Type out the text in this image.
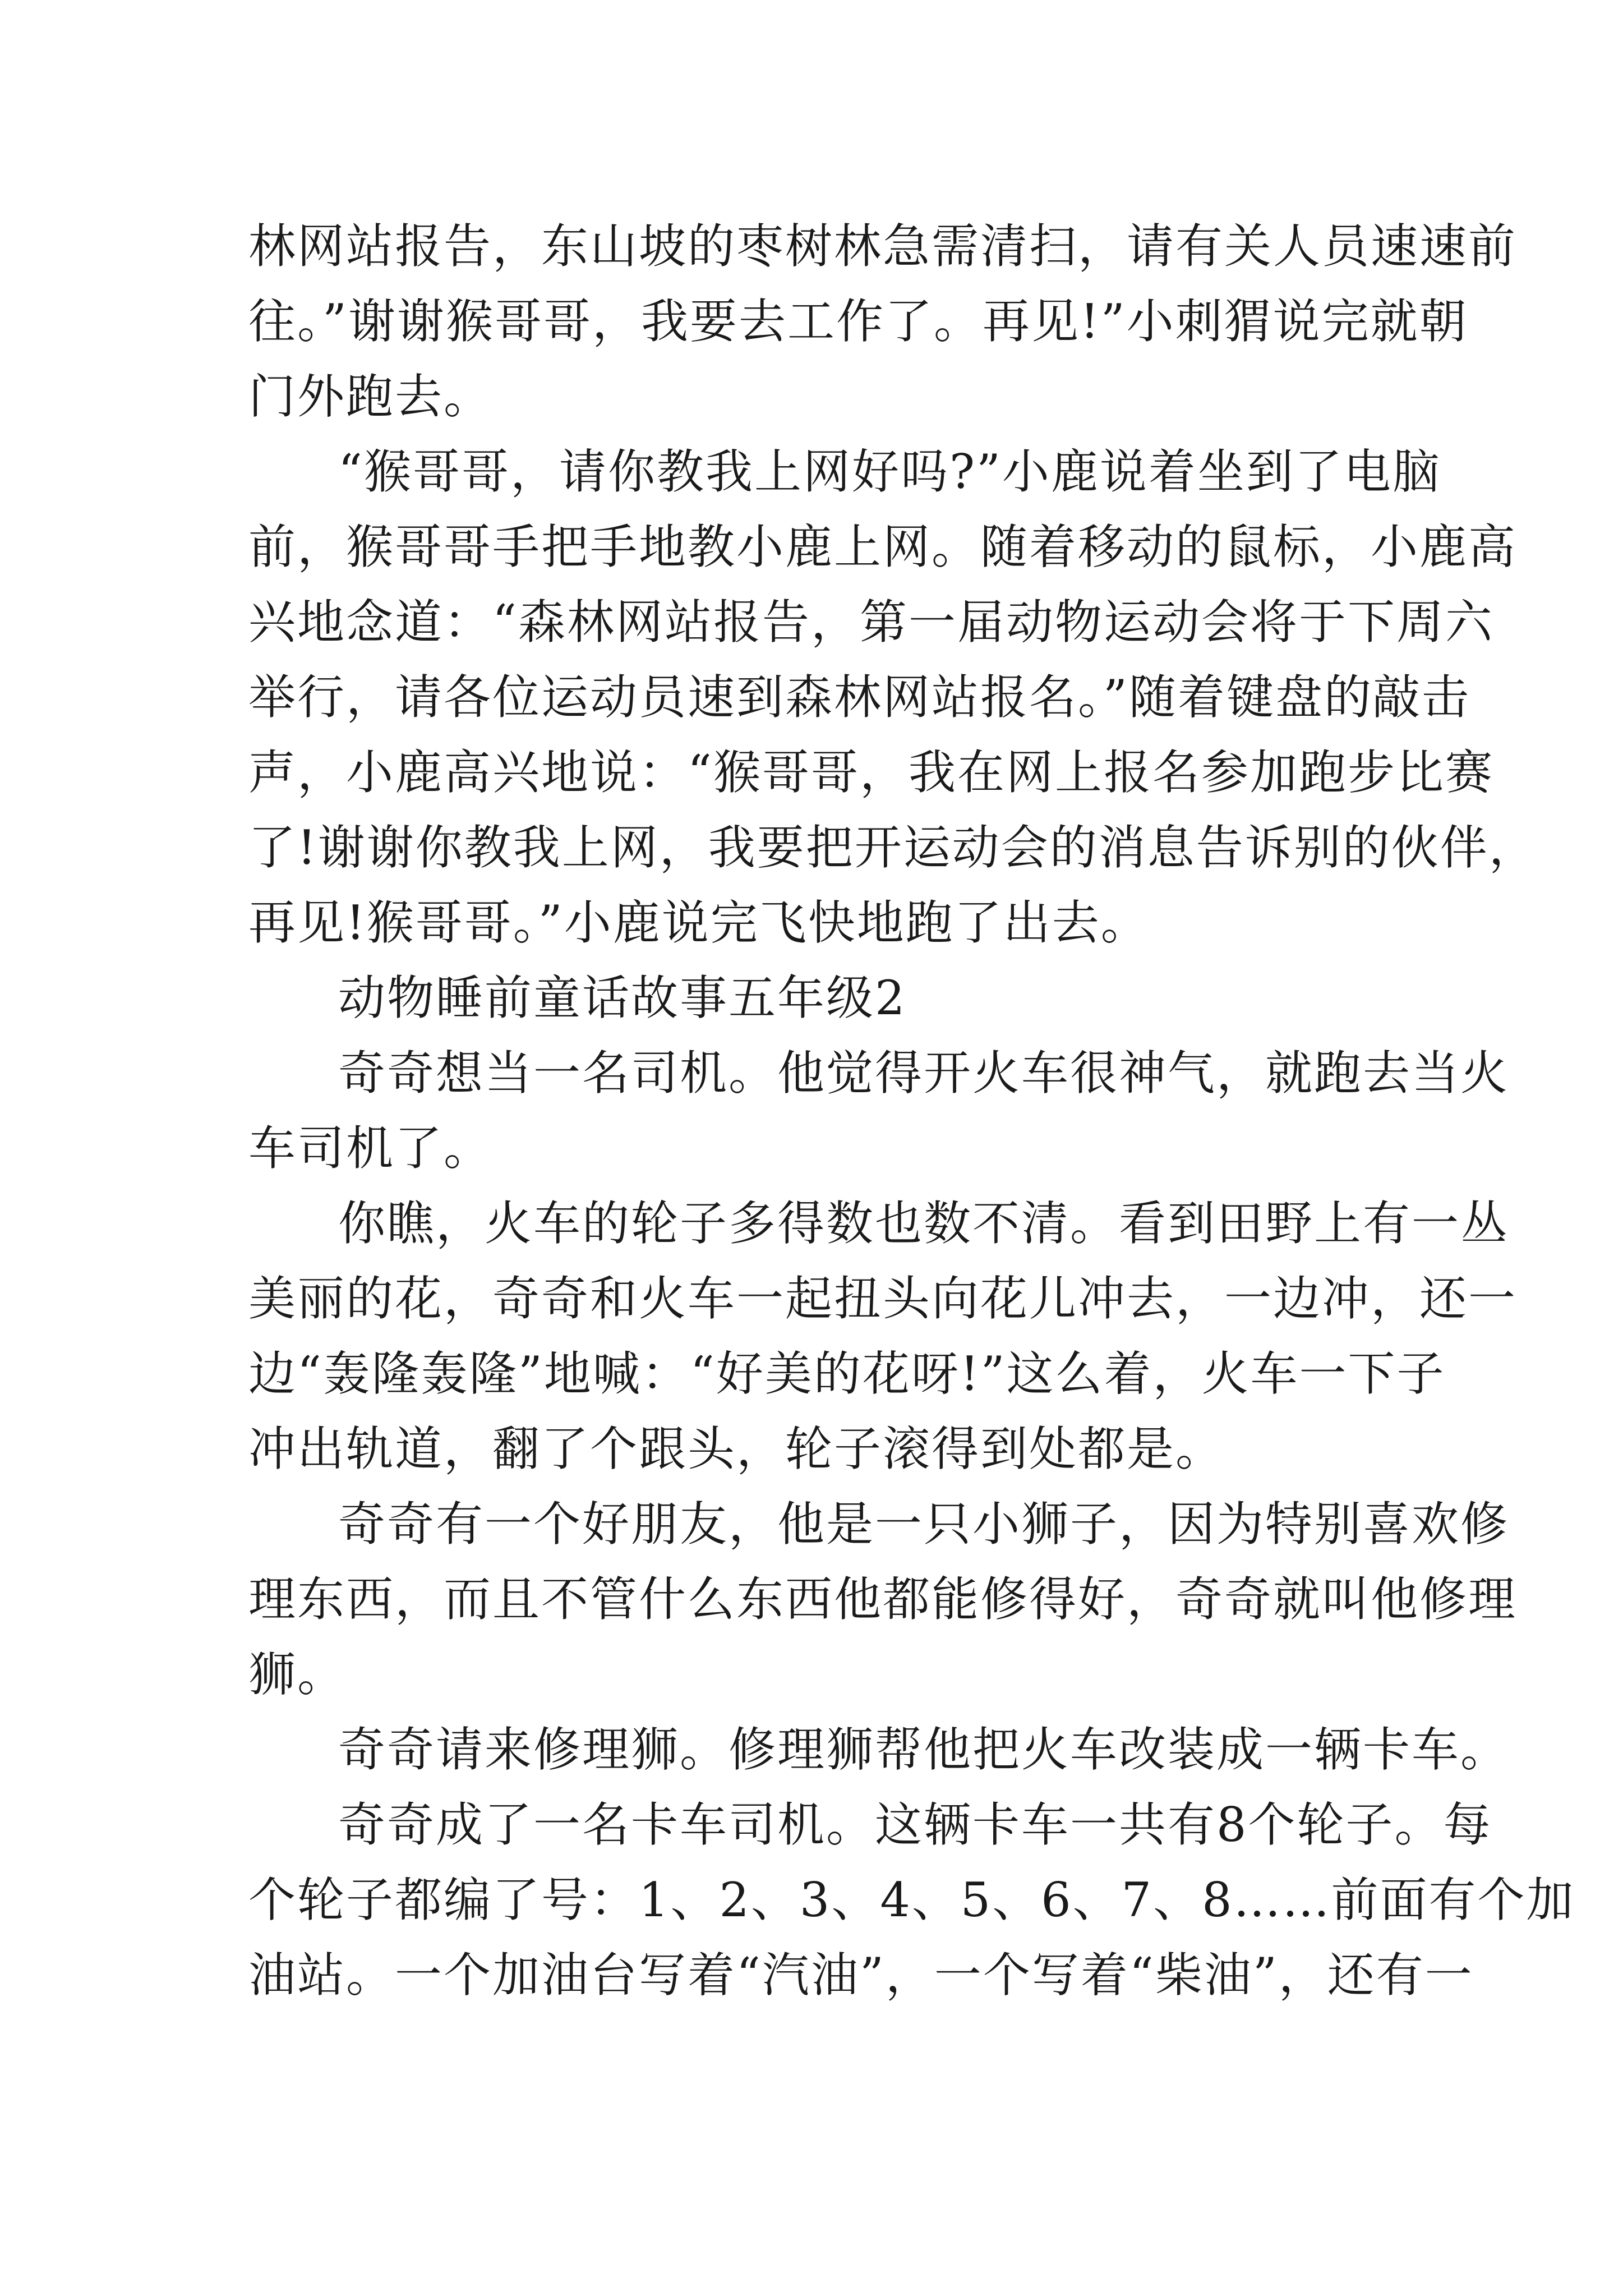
林网站报告，东山坡的枣树林急需清扫，请有关人员速速前
往。”谢谢猴哥哥，我要去工作了。再见!”小刺猬说完就朝
门外跑去。
“猴哥哥，请你教我上网好吗?”小鹿说着坐到了电脑
前，猴哥哥手把手地教小鹿上网。随着移动的鼠标，小鹿高
兴地念道：“森林网站报告，第一届动物运动会将于下周六
举行，请各位运动员速到森林网站报名。”随着键盘的敲击
声，小鹿高兴地说：“猴哥哥，我在网上报名参加跑步比赛
了!谢谢你教我上网，我要把开运动会的消息告诉别的伙伴，
再见!猴哥哥。”小鹿说完飞快地跑了出去。
动物睡前童话故事五年级2
奇奇想当一名司机。他觉得开火车很神气，就跑去当火
车司机了。
你瞧，火车的轮子多得数也数不清。看到田野上有一丛
美丽的花，奇奇和火车一起扭头向花儿冲去，一边冲，还一
边“轰隆轰隆”地喊：“好美的花呀!”这么着，火车一下子
冲出轨道，翻了个跟头，轮子滚得到处都是。
奇奇有一个好朋友，他是一只小狮子，因为特别喜欢修
理东西，而且不管什么东西他都能修得好，奇奇就叫他修理
狮。
奇奇请来修理狮。修理狮帮他把火车改装成一辆卡车。
奇奇成了一名卡车司机。这辆卡车一共有8个轮子。每
个轮子都编了号：1、2、3、4、5、6、7、8……前面有个加
油站。一个加油台写着“汽油”，一个写着“柴油”，还有一
